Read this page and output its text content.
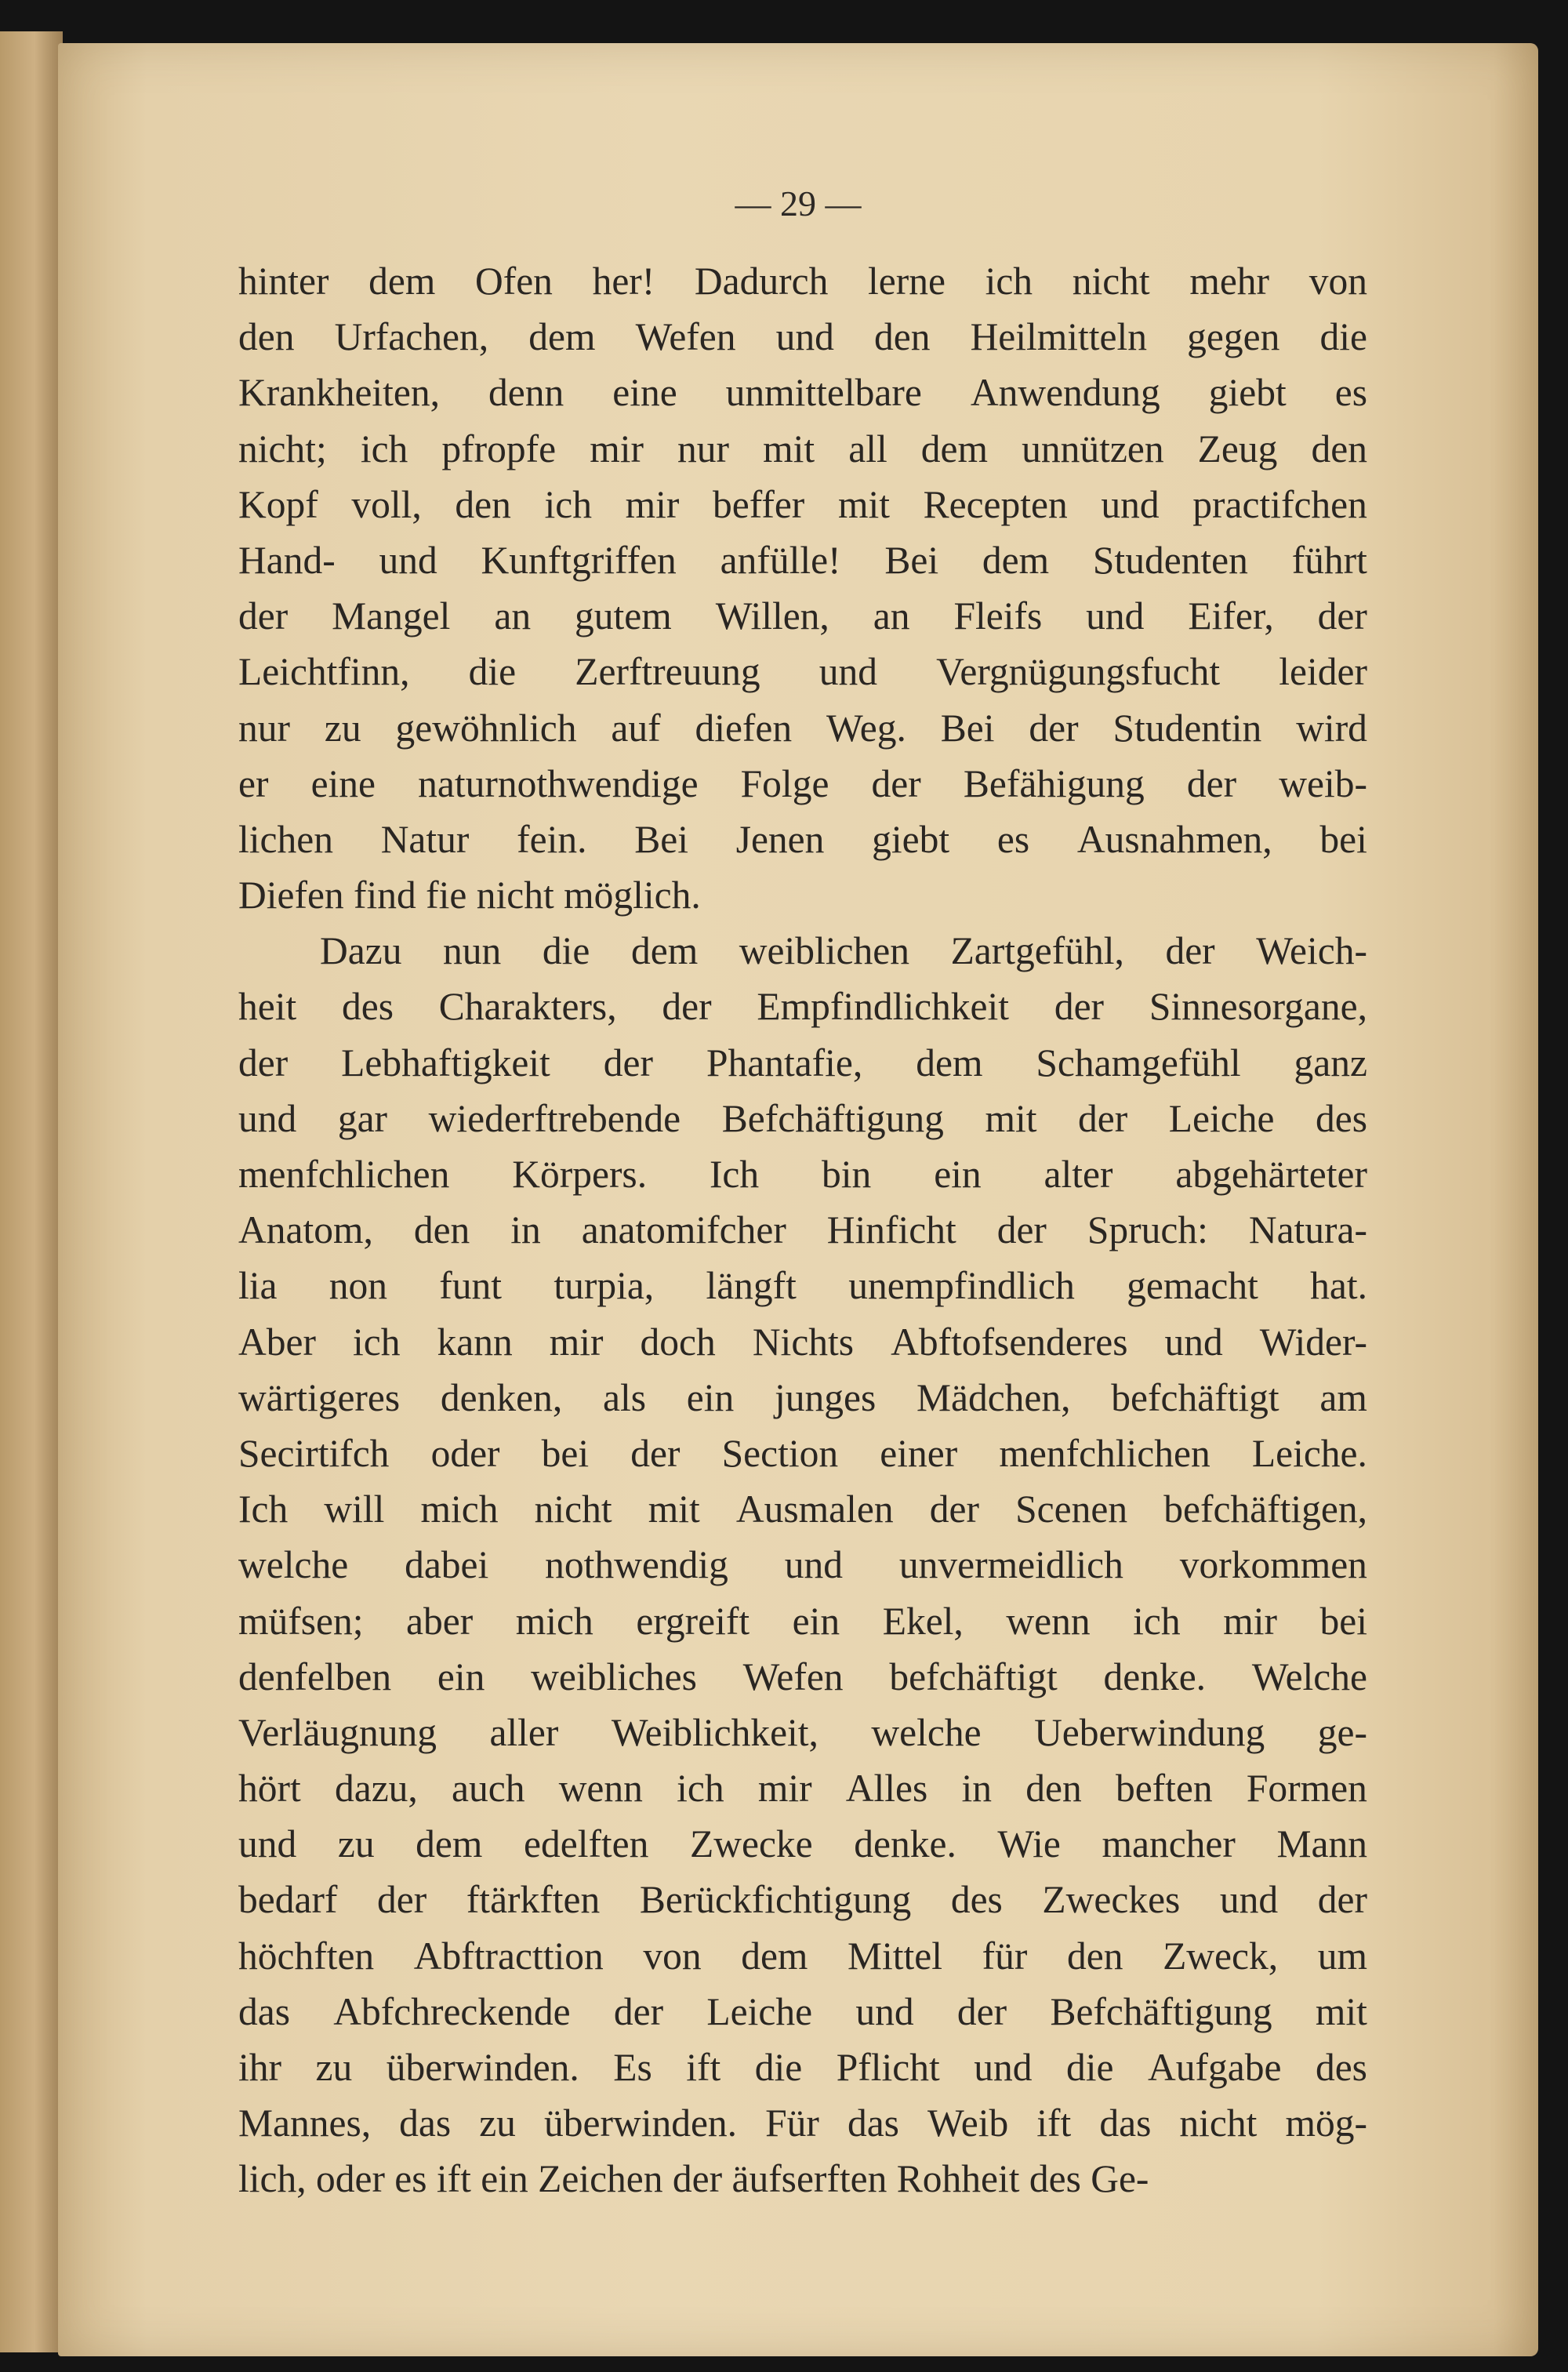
— 29 —
hinter dem Ofen her! Dadurch lerne ich nicht mehr von
den Urfachen, dem Wefen und den Heilmitteln gegen die
Krankheiten, denn eine unmittelbare Anwendung giebt es
nicht; ich pfropfe mir nur mit all dem unnützen Zeug den
Kopf voll, den ich mir beffer mit Recepten und practifchen
Hand- und Kunftgriffen anfülle! Bei dem Studenten führt
der Mangel an gutem Willen, an Fleifs und Eifer, der
Leichtfinn, die Zerftreuung und Vergnügungsfucht leider
nur zu gewöhnlich auf diefen Weg. Bei der Studentin wird
er eine naturnothwendige Folge der Befähigung der weib-
lichen Natur fein. Bei Jenen giebt es Ausnahmen, bei
Diefen find fie nicht möglich.
Dazu nun die dem weiblichen Zartgefühl, der Weich-
heit des Charakters, der Empfindlichkeit der Sinnesorgane,
der Lebhaftigkeit der Phantafie, dem Schamgefühl ganz
und gar wiederftrebende Befchäftigung mit der Leiche des
menfchlichen Körpers. Ich bin ein alter abgehärteter
Anatom, den in anatomifcher Hinficht der Spruch: Natura-
lia non funt turpia, längft unempfindlich gemacht hat.
Aber ich kann mir doch Nichts Abftofsenderes und Wider-
wärtigeres denken, als ein junges Mädchen, befchäftigt am
Secirtifch oder bei der Section einer menfchlichen Leiche.
Ich will mich nicht mit Ausmalen der Scenen befchäftigen,
welche dabei nothwendig und unvermeidlich vorkommen
müfsen; aber mich ergreift ein Ekel, wenn ich mir bei
denfelben ein weibliches Wefen befchäftigt denke. Welche
Verläugnung aller Weiblichkeit, welche Ueberwindung ge-
hört dazu, auch wenn ich mir Alles in den beften Formen
und zu dem edelften Zwecke denke. Wie mancher Mann
bedarf der ftärkften Berückfichtigung des Zweckes und der
höchften Abftracttion von dem Mittel für den Zweck, um
das Abfchreckende der Leiche und der Befchäftigung mit
ihr zu überwinden. Es ift die Pflicht und die Aufgabe des
Mannes, das zu überwinden. Für das Weib ift das nicht mög-
lich, oder es ift ein Zeichen der äufserften Rohheit des Ge-
